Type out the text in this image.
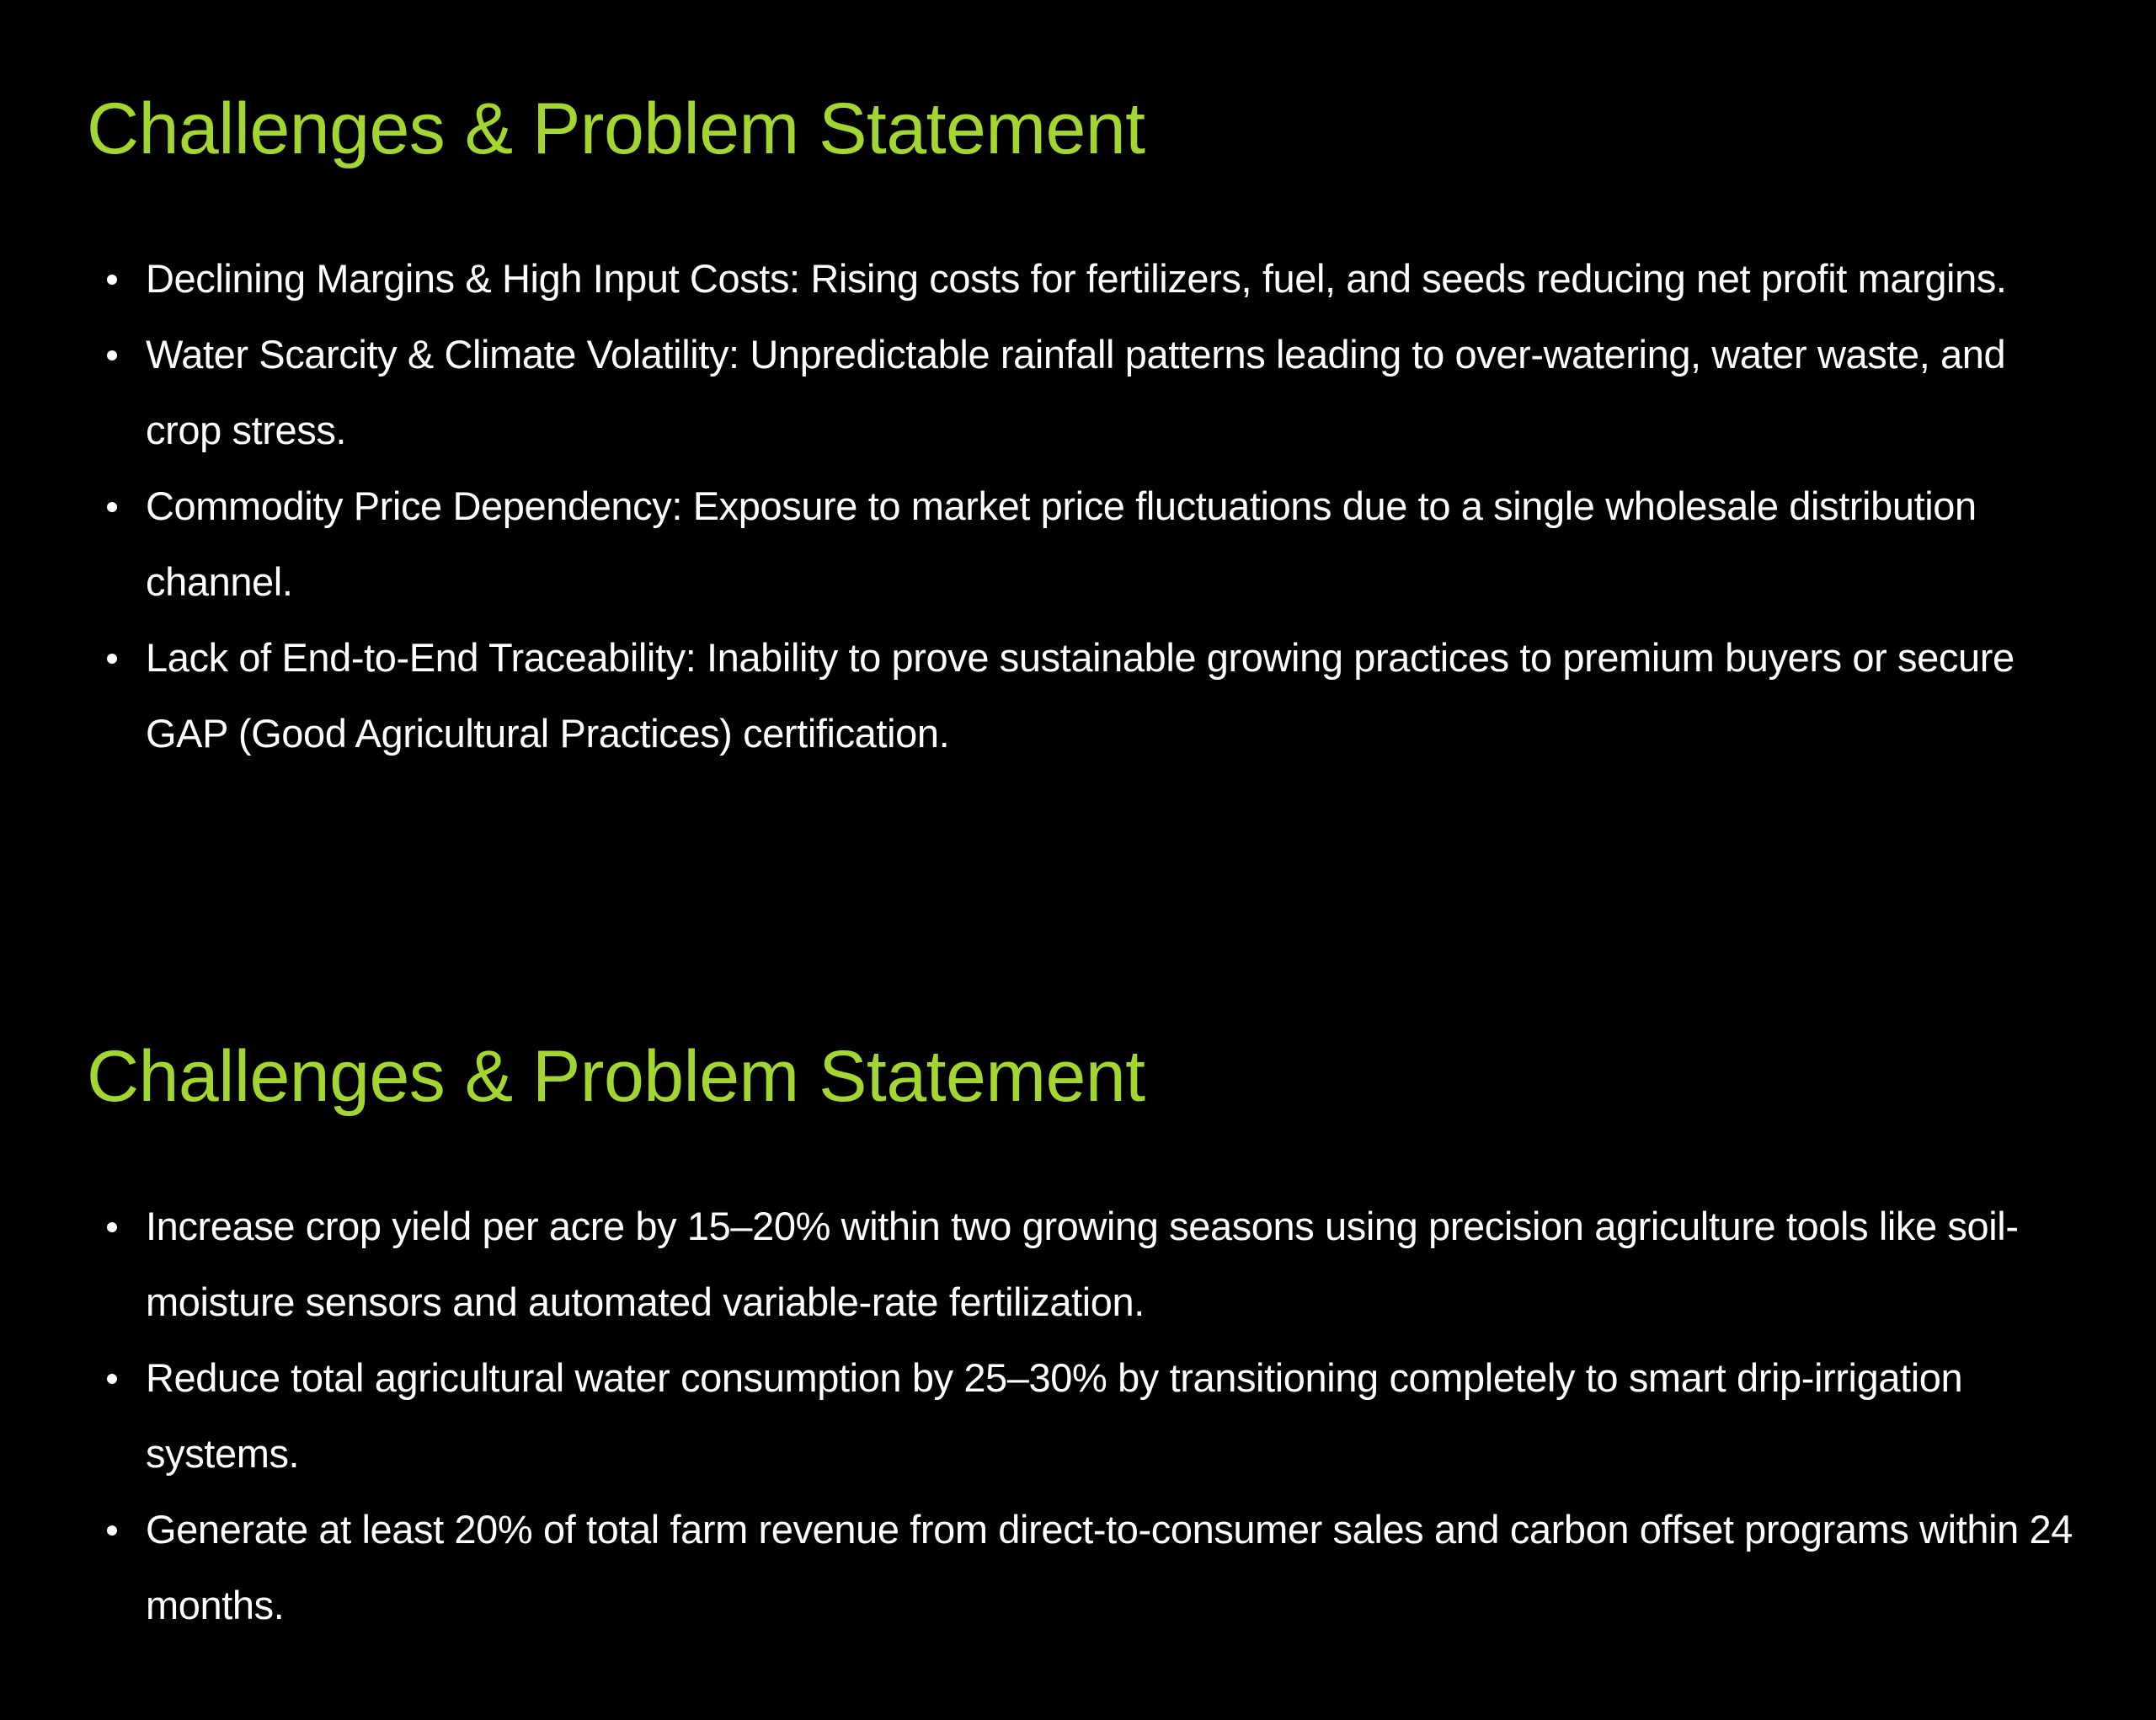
Challenges & Problem Statement
Declining Margins & High Input Costs: Rising costs for fertilizers, fuel, and seeds reducing net profit margins.
Water Scarcity & Climate Volatility: Unpredictable rainfall patterns leading to over-watering, water waste, and crop stress.
Commodity Price Dependency: Exposure to market price fluctuations due to a single wholesale distribution channel.
Lack of End-to-End Traceability: Inability to prove sustainable growing practices to premium buyers or secure GAP (Good Agricultural Practices) certification.
Challenges & Problem Statement
Increase crop yield per acre by 15–20% within two growing seasons using precision agriculture tools like soil-moisture sensors and automated variable-rate fertilization.
Reduce total agricultural water consumption by 25–30% by transitioning completely to smart drip-irrigation systems.
Generate at least 20% of total farm revenue from direct-to-consumer sales and carbon offset programs within 24 months.
